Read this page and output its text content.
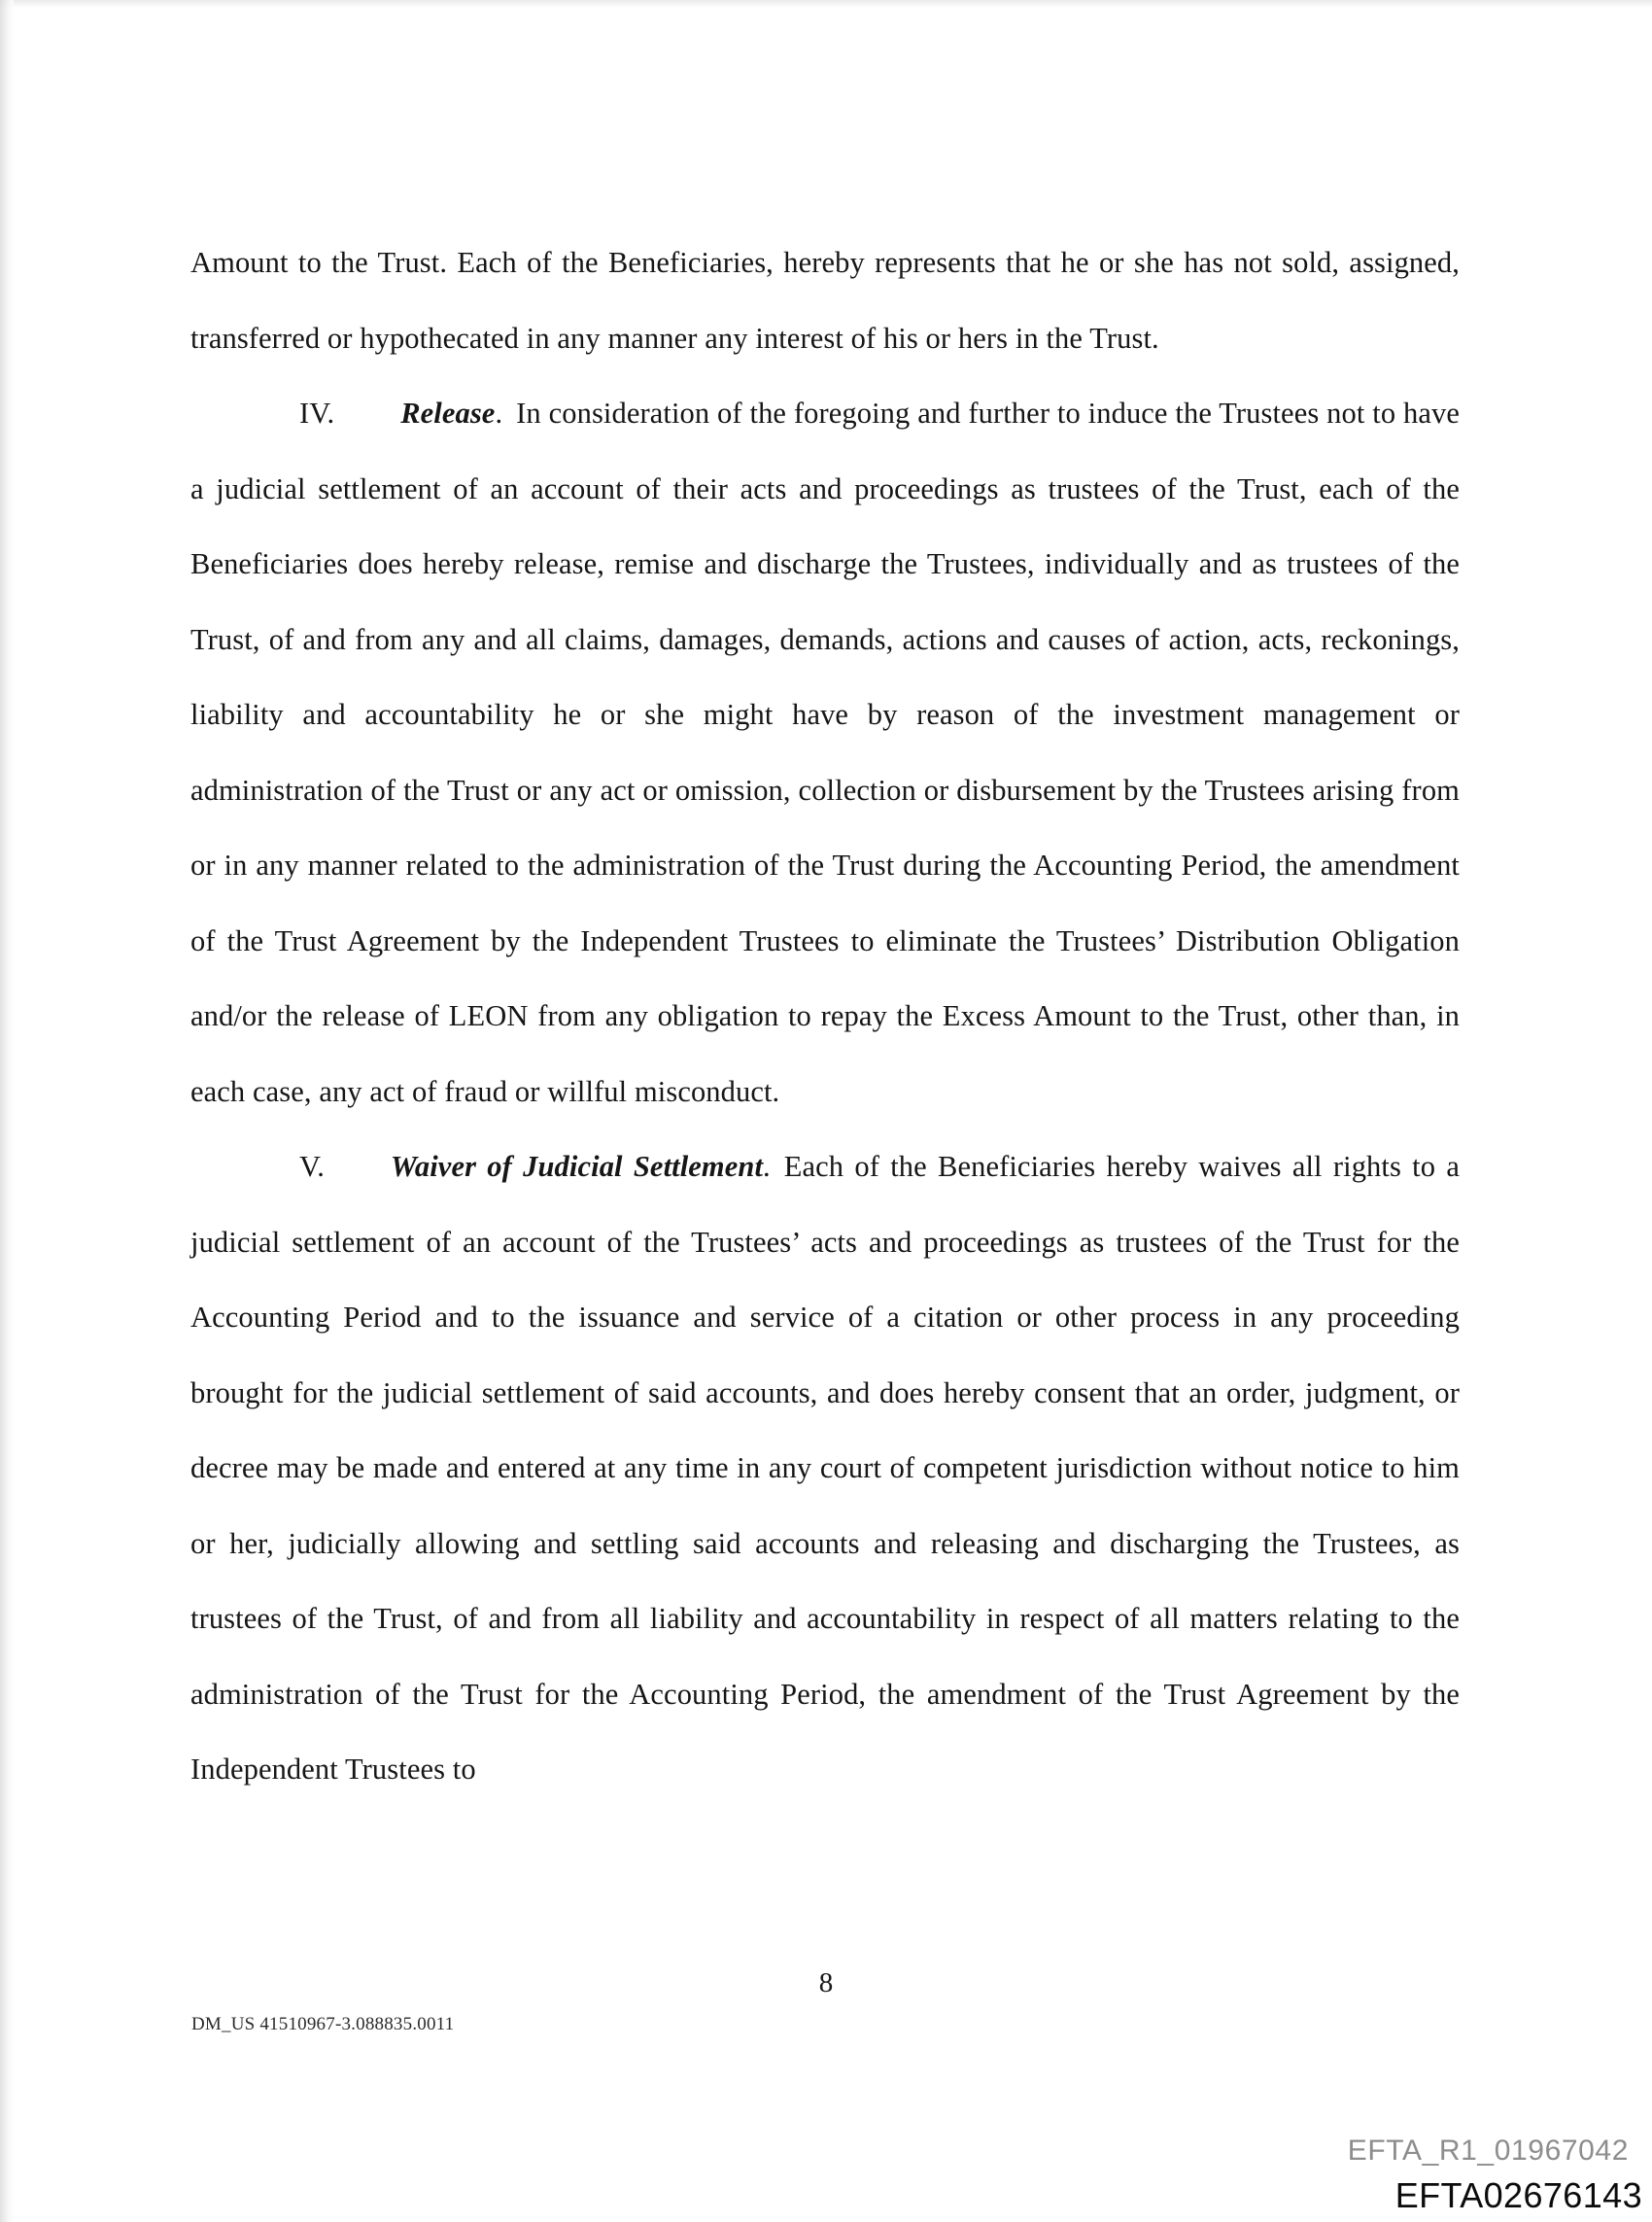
Amount to the Trust. Each of the Beneficiaries, hereby represents that he or she has not sold, assigned, transferred or hypothecated in any manner any interest of his or hers in the Trust.

IV. Release. In consideration of the foregoing and further to induce the Trustees not to have a judicial settlement of an account of their acts and proceedings as trustees of the Trust, each of the Beneficiaries does hereby release, remise and discharge the Trustees, individually and as trustees of the Trust, of and from any and all claims, damages, demands, actions and causes of action, acts, reckonings, liability and accountability he or she might have by reason of the investment management or administration of the Trust or any act or omission, collection or disbursement by the Trustees arising from or in any manner related to the administration of the Trust during the Accounting Period, the amendment of the Trust Agreement by the Independent Trustees to eliminate the Trustees’ Distribution Obligation and/or the release of LEON from any obligation to repay the Excess Amount to the Trust, other than, in each case, any act of fraud or willful misconduct.

V. Waiver of Judicial Settlement. Each of the Beneficiaries hereby waives all rights to a judicial settlement of an account of the Trustees’ acts and proceedings as trustees of the Trust for the Accounting Period and to the issuance and service of a citation or other process in any proceeding brought for the judicial settlement of said accounts, and does hereby consent that an order, judgment, or decree may be made and entered at any time in any court of competent jurisdiction without notice to him or her, judicially allowing and settling said accounts and releasing and discharging the Trustees, as trustees of the Trust, of and from all liability and accountability in respect of all matters relating to the administration of the Trust for the Accounting Period, the amendment of the Trust Agreement by the Independent Trustees to

8
DM_US 41510967-3.088835.0011
EFTA_R1_01967042
EFTA02676143
